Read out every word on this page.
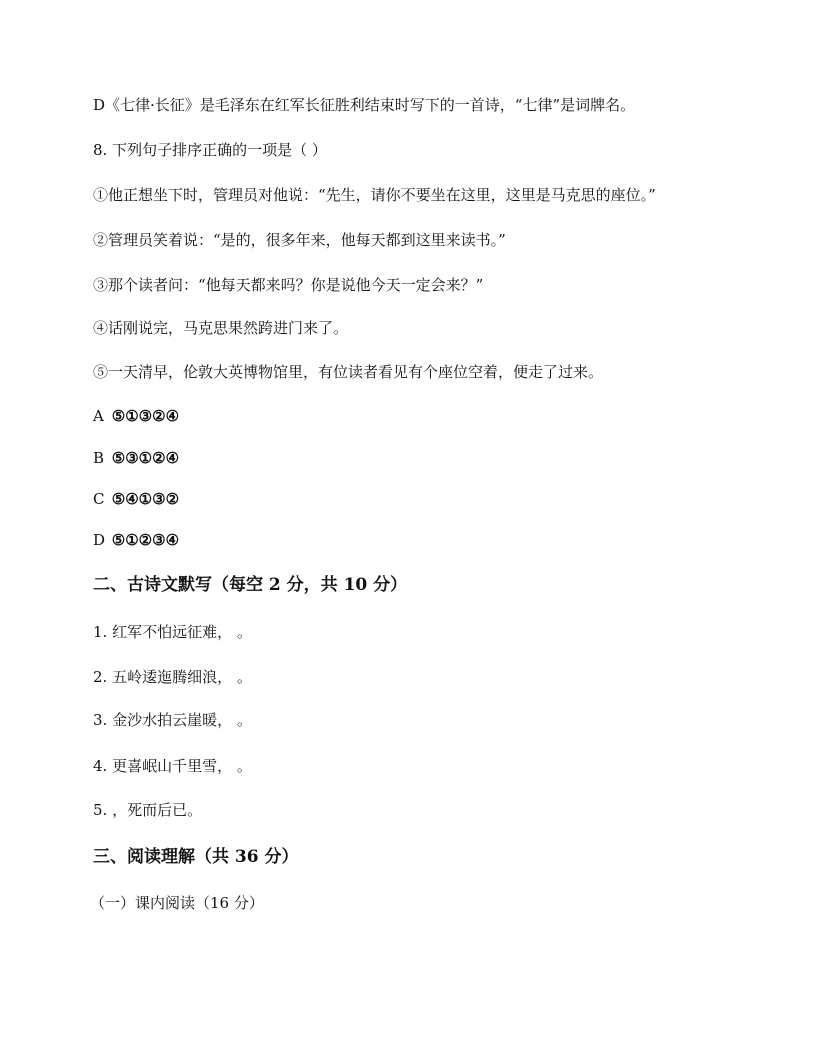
D《七律·长征》是毛泽东在红军长征胜利结束时写下的一首诗，“七律”是词牌名。
8. 下列句子排序正确的一项是（ ）
①他正想坐下时，管理员对他说：“先生，请你不要坐在这里，这里是马克思的座位。”
②管理员笑着说：“是的，很多年来，他每天都到这里来读书。”
③那个读者问：“他每天都来吗？你是说他今天一定会来？”
④话刚说完，马克思果然跨进门来了。
⑤一天清早，伦敦大英博物馆里，有位读者看见有个座位空着，便走了过来。
A ⑤①③②④
B ⑤③①②④
C ⑤④①③②
D ⑤①②③④
二、古诗文默写（每空 2 分，共 10 分）
1. 红军不怕远征难， 。
2. 五岭逶迤腾细浪， 。
3. 金沙水拍云崖暖， 。
4. 更喜岷山千里雪， 。
5. ，死而后已。
三、阅读理解（共 36 分）
（一）课内阅读（16 分）
